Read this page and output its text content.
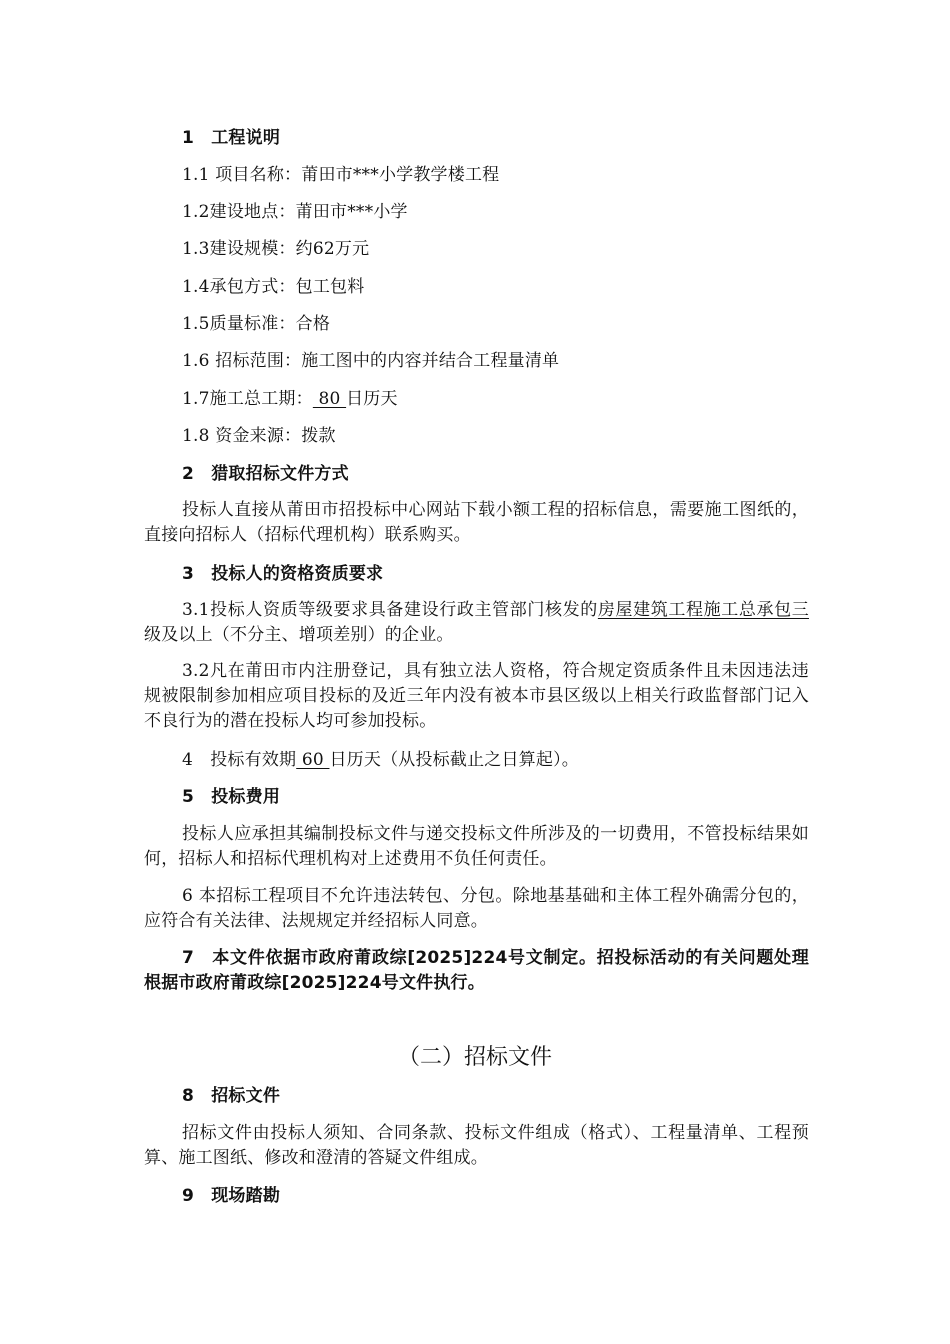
1　工程说明
1.1 项目名称：莆田市***小学教学楼工程
1.2建设地点：莆田市***小学
1.3建设规模：约62万元
1.4承包方式：包工包料
1.5质量标准：合格
1.6 招标范围：施工图中的内容并结合工程量清单
1.7施工总工期： 80 日历天
1.8 资金来源：拨款
2　猎取招标文件方式
投标人直接从莆田市招投标中心网站下载小额工程的招标信息，需要施工图纸的，直接向招标人（招标代理机构）联系购买。
3　投标人的资格资质要求
3.1投标人资质等级要求具备建设行政主管部门核发的房屋建筑工程施工总承包三级及以上（不分主、增项差别）的企业。
3.2凡在莆田市内注册登记，具有独立法人资格，符合规定资质条件且未因违法违规被限制参加相应项目投标的及近三年内没有被本市县区级以上相关行政监督部门记入不良行为的潜在投标人均可参加投标。
4　投标有效期 60 日历天（从投标截止之日算起）。
5　投标费用
投标人应承担其编制投标文件与递交投标文件所涉及的一切费用，不管投标结果如何，招标人和招标代理机构对上述费用不负任何责任。
6 本招标工程项目不允许违法转包、分包。除地基基础和主体工程外确需分包的，应符合有关法律、法规规定并经招标人同意。
7　本文件依据市政府莆政综[2025]224号文制定。招投标活动的有关问题处理根据市政府莆政综[2025]224号文件执行。
（二）招标文件
8　招标文件
招标文件由投标人须知、合同条款、投标文件组成（格式）、工程量清单、工程预算、施工图纸、修改和澄清的答疑文件组成。
9　现场踏勘
